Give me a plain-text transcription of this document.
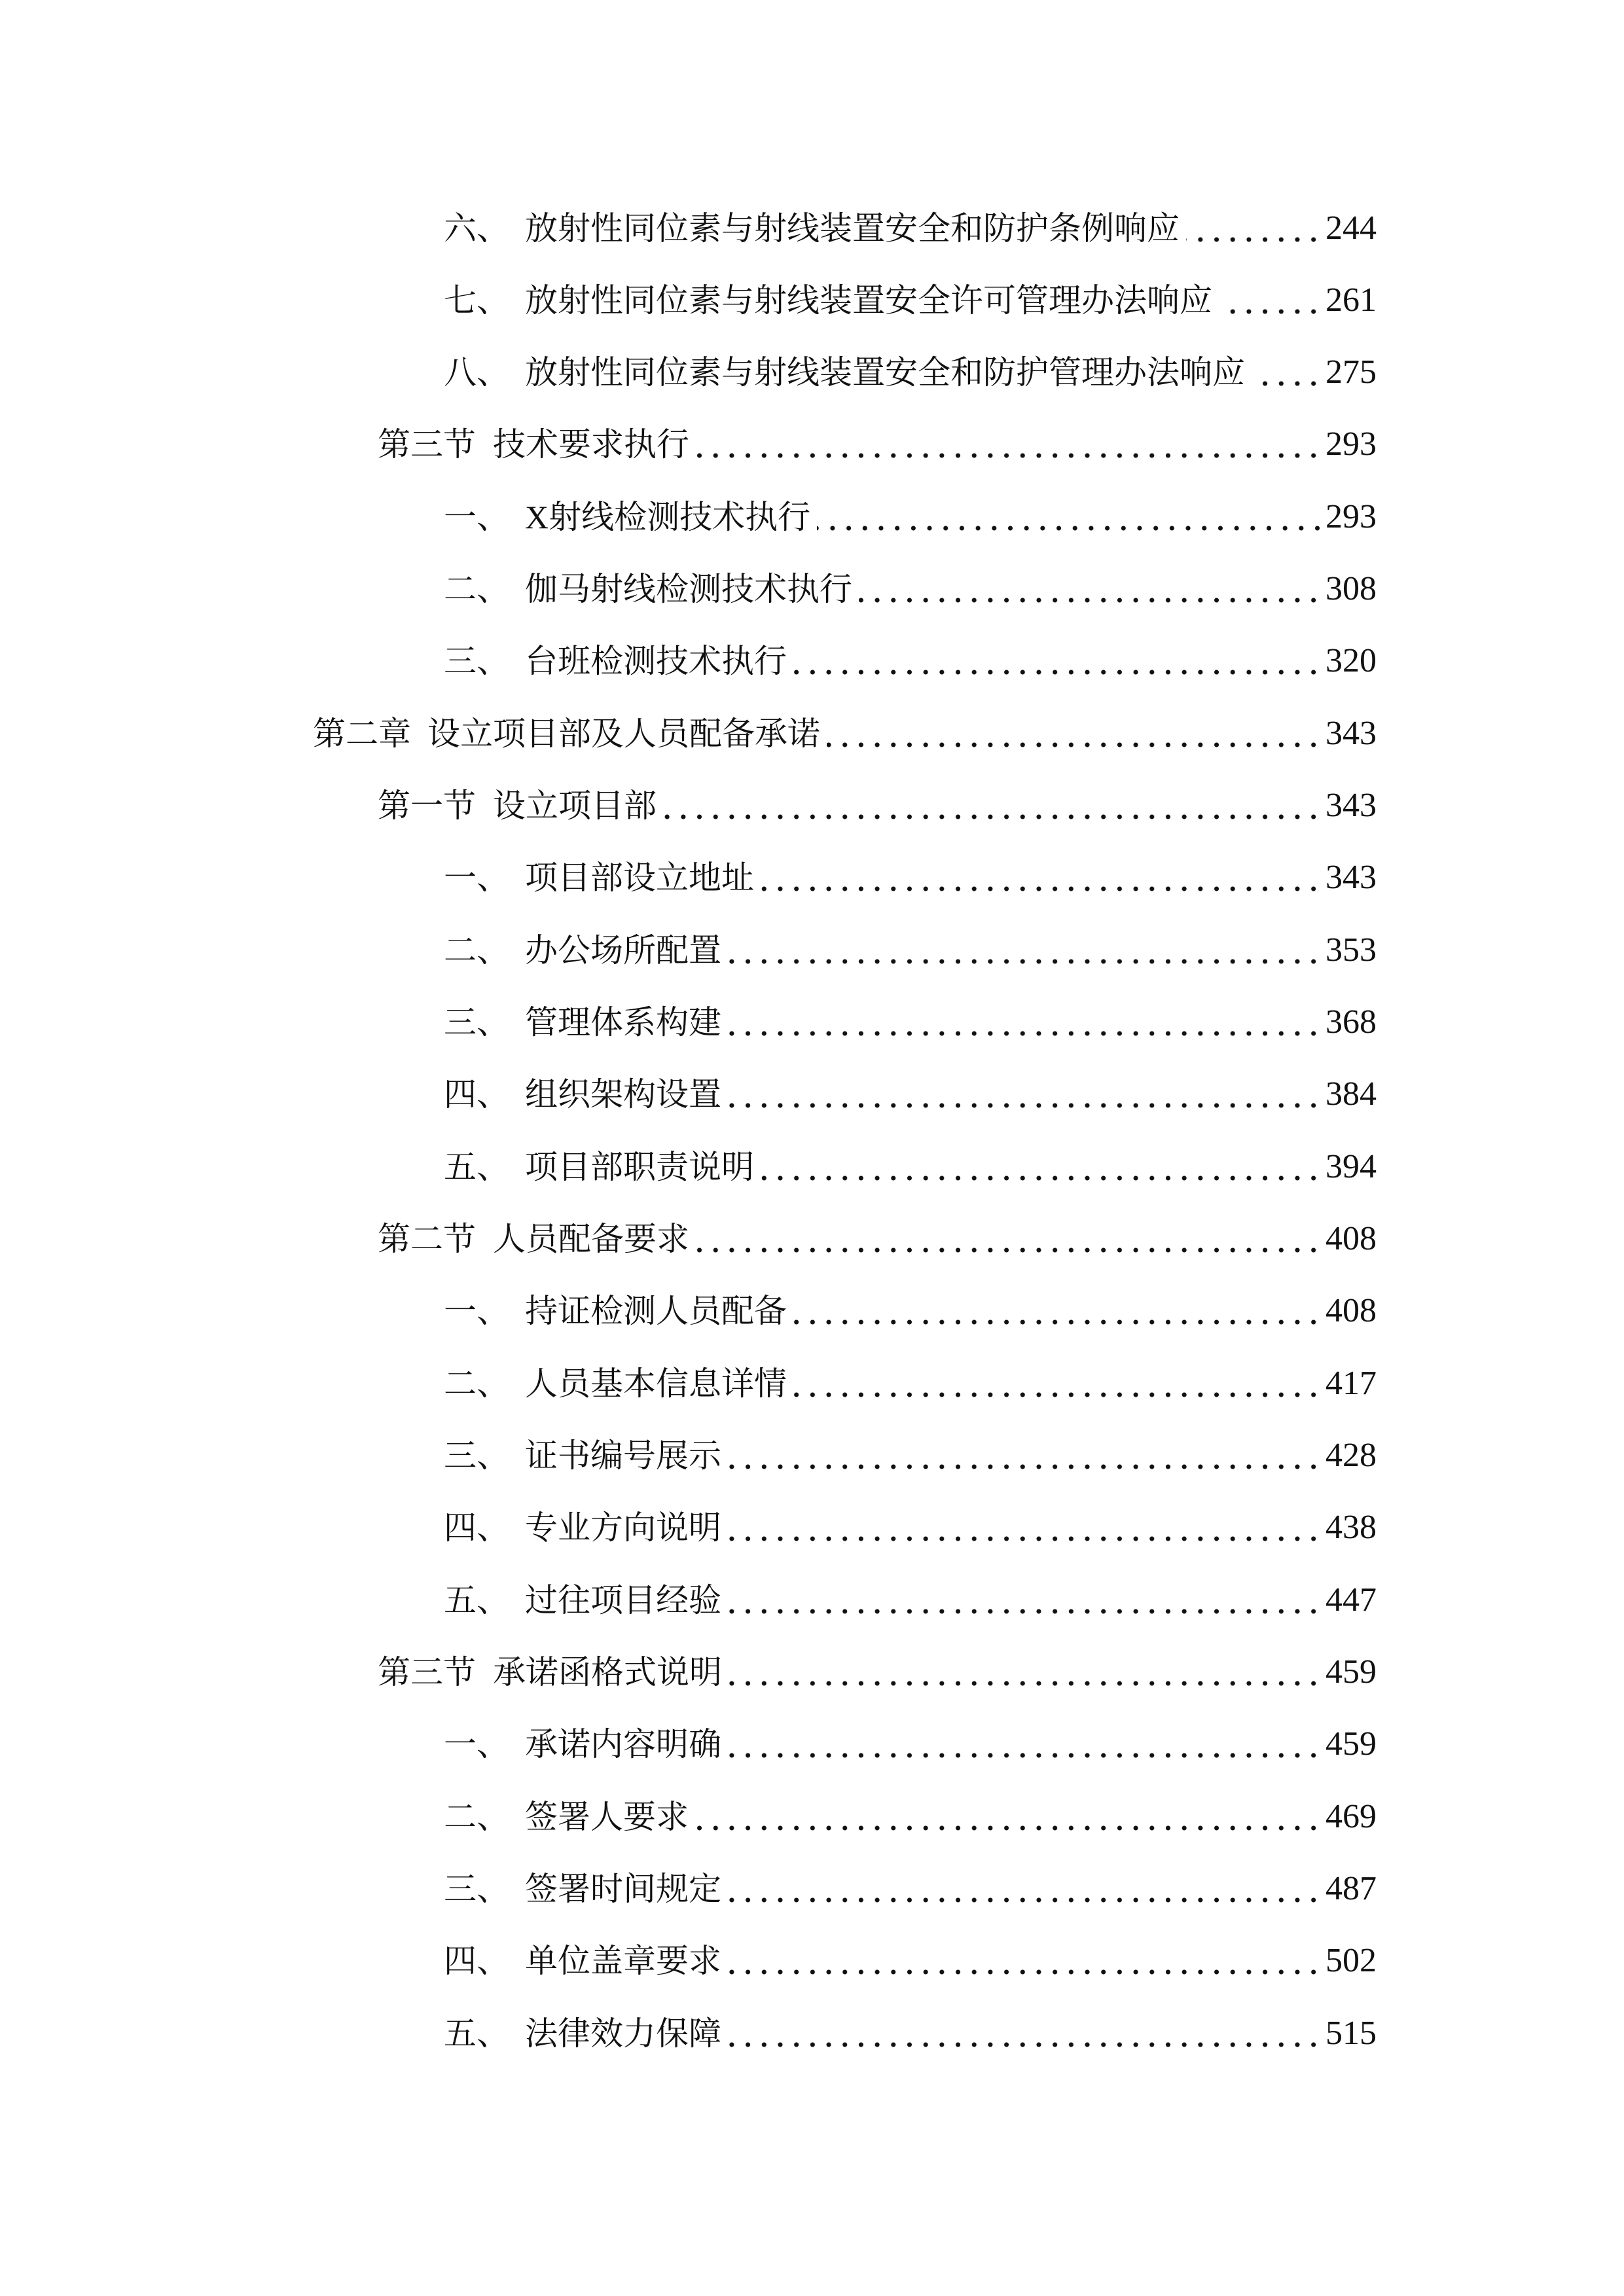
六、 放射性同位素与射线装置安全和防护条例响应	244
七、 放射性同位素与射线装置安全许可管理办法响应	261
八、 放射性同位素与射线装置安全和防护管理办法响应 275
第三节 技术要求执行	293
一、 X射线检测技术执行	293
二、 伽马射线检测技术执行	308
三、 台班检测技术执行	320
第二章 设立项目部及人员配备承诺	343
第一节 设立项目部	343
一、 项目部设立地址	343
二、 办公场所配置	353
三、 管理体系构建	368
四、 组织架构设置	384
五、 项目部职责说明	394
第二节 人员配备要求	408
一、 持证检测人员配备	408
二、 人员基本信息详情	417
三、 证书编号展示	428
四、 专业方向说明	438
五、 过往项目经验	447
第三节 承诺函格式说明	459
一、 承诺内容明确	459
二、 签署人要求	469
三、 签署时间规定	487
四、 单位盖章要求	502
五、 法律效力保障	515
